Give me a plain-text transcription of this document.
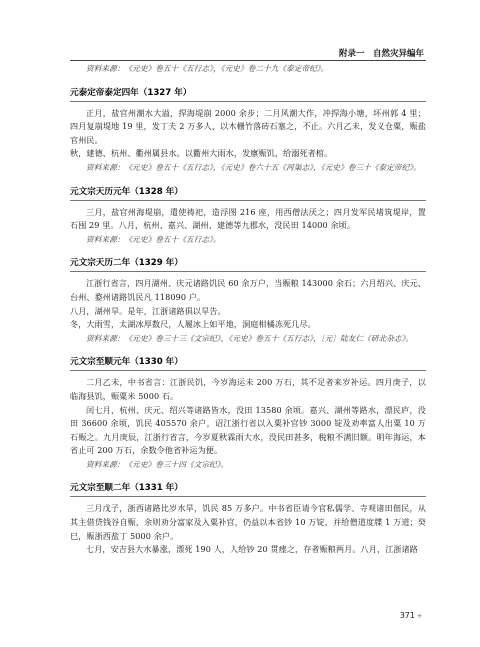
附录一　自然灾异编年

资料来源：《元史》卷五十《五行志》，《元史》卷二十九《泰定帝纪》。

元泰定帝泰定四年（1327 年）

正月，盐官州潮水大溢，捍海堤崩 2000 余步；二月风潮大作，冲捍海小塘，坏州郭 4 里；四月复崩堤地 19 里，发丁夫 2 万多人，以木栅竹落砖石塞之，不止。六月乙未，发义仓粟，赈盐官州民。

秋，建德、杭州、衢州属县水。以衢州大雨水，发廪赈饥，给溺死者棺。

资料来源：《元史》卷五十《五行志》，《元史》卷六十五《河渠志》，《元史》卷三十《泰定帝纪》。

元文宗天历元年（1328 年）

三月，盐官州海堤崩，遣使祷祀，造浮图 216 座，用西僧法厌之；四月发军民堵筑堤岸，置石囤 29 里。八月，杭州、嘉兴、湖州、建德等九郡水，没民田 14000 余顷。

资料来源：《元史》卷五十《五行志》。

元文宗天历二年（1329 年）

江浙行省言，四月湖州、庆元诸路饥民 60 余万户，当赈粮 143000 余石；六月绍兴、庆元、台州、婺州诸路饥民凡 118090 户。

八月，湖州旱。是年，江浙诸路俱以旱告。

冬，大雨雪，太湖冰厚数尺，人履冰上如平地，洞庭柑橘冻死几尽。

资料来源：《元史》卷三十三《文宗纪》，《元史》卷五十《五行志》，〔元〕陆友仁《研北杂志》。

元文宗至顺元年（1330 年）

二月乙未，中书省言：江浙民饥，今岁海运未 200 万石，其不足者来岁补运。四月庚子，以临海县饥，赈粟米 5000 石。

闰七月，杭州、庆元、绍兴等诸路皆水，没田 13580 余顷。嘉兴、湖州等路水，漂民庐，没田 36600 余顷，饥民 405570 余户，诏江浙行省以入粟补官钞 3000 锭及劝率富人出粟 10 万石赈之。九月庚辰，江浙行省言，今岁夏秋霖雨大水，没民田甚多，税粮不满旧额。明年海运，本省止可 200 万石，余数令他省补运为便。

资料来源：《元史》卷三十四《文宗纪》。

元文宗至顺二年（1331 年）

三月戊子，浙西诸路比岁水旱，饥民 85 万多户。中书省臣请今官私儒学、寺观诸田佃民，从其主借贷钱谷自赈，余则劝分富家及入粟补官，仍益以本省钞 10 万锭，并给僧道度牒 1 万道；癸巳，赈浙西盐丁 5000 余户。

七月，安吉县大水暴涨，漂死 190 人，人给钞 20 贯瘗之，存者赈粮两月。八月，江浙诸路

371 ✳
